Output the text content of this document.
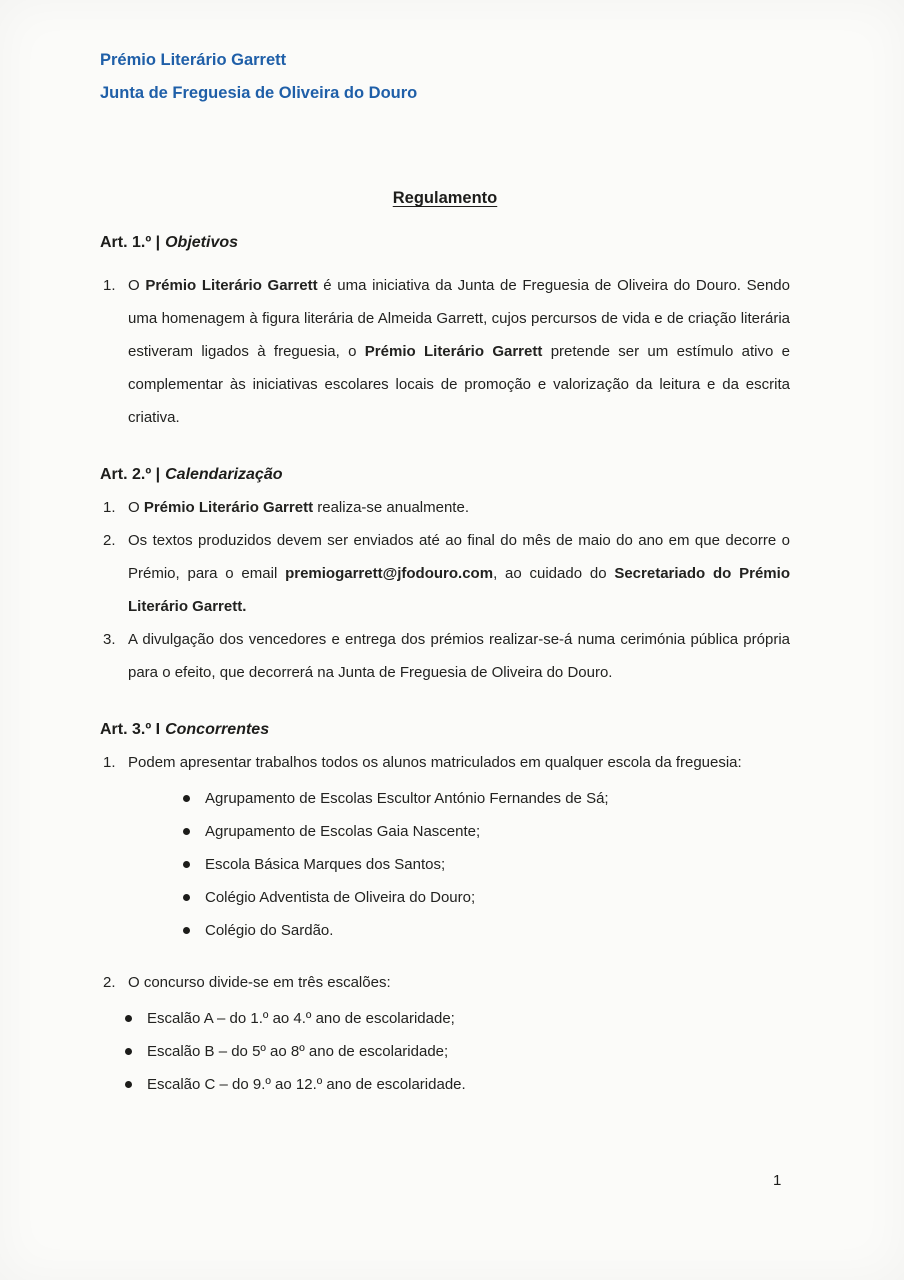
Prémio Literário Garrett
Junta de Freguesia de Oliveira do Douro
Regulamento
Art. 1.º | Objetivos
1. O Prémio Literário Garrett é uma iniciativa da Junta de Freguesia de Oliveira do Douro. Sendo uma homenagem à figura literária de Almeida Garrett, cujos percursos de vida e de criação literária estiveram ligados à freguesia, o Prémio Literário Garrett pretende ser um estímulo ativo e complementar às iniciativas escolares locais de promoção e valorização da leitura e da escrita criativa.
Art. 2.º | Calendarização
1. O Prémio Literário Garrett realiza-se anualmente.
2. Os textos produzidos devem ser enviados até ao final do mês de maio do ano em que decorre o Prémio, para o email premiogarrett@jfodouro.com, ao cuidado do Secretariado do Prémio Literário Garrett.
3. A divulgação dos vencedores e entrega dos prémios realizar-se-á numa cerimónia pública própria para o efeito, que decorrerá na Junta de Freguesia de Oliveira do Douro.
Art. 3.º I Concorrentes
1. Podem apresentar trabalhos todos os alunos matriculados em qualquer escola da freguesia:
Agrupamento de Escolas Escultor António Fernandes de Sá;
Agrupamento de Escolas Gaia Nascente;
Escola Básica Marques dos Santos;
Colégio Adventista de Oliveira do Douro;
Colégio do Sardão.
2. O concurso divide-se em três escalões:
Escalão A – do 1.º ao 4.º ano de escolaridade;
Escalão B – do 5º ao 8º ano de escolaridade;
Escalão C – do 9.º ao 12.º ano de escolaridade.
1
